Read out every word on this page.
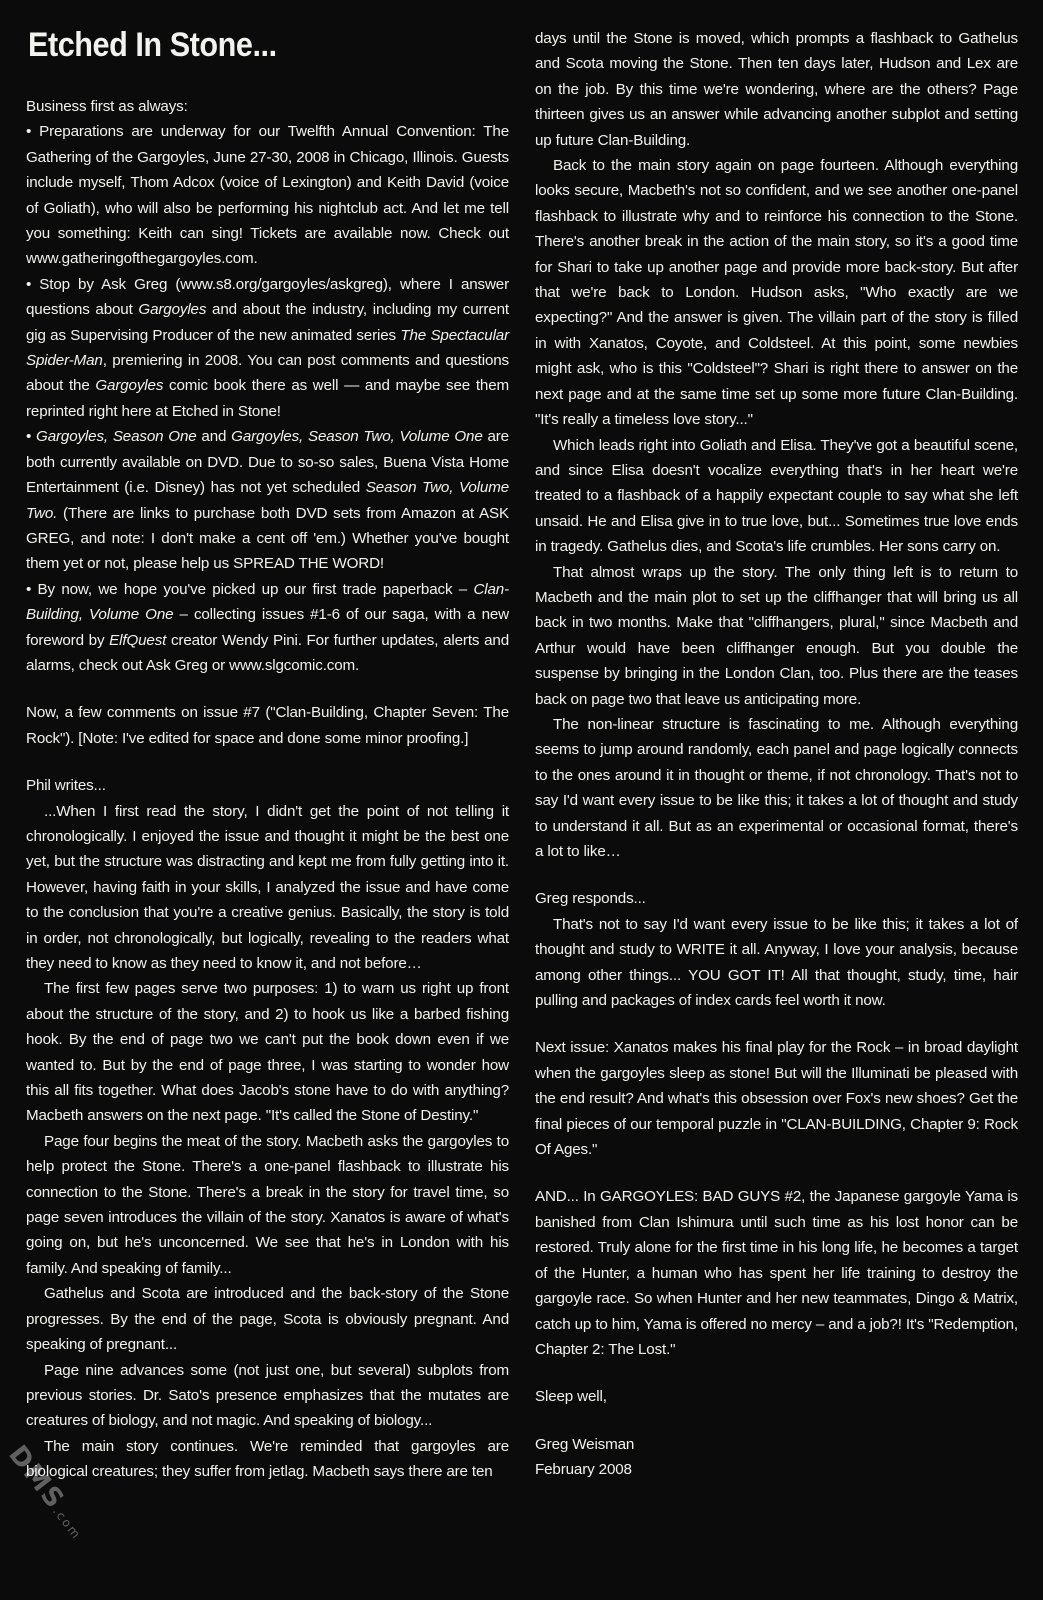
Etched In Stone...

Business first as always:

• Preparations are underway for our Twelfth Annual Convention: The Gathering of the Gargoyles, June 27-30, 2008 in Chicago, Illinois. Guests include myself, Thom Adcox (voice of Lexington) and Keith David (voice of Goliath), who will also be performing his nightclub act. And let me tell you something: Keith can sing! Tickets are available now. Check out www.gatheringofthegargoyles.com.

• Stop by Ask Greg (www.s8.org/gargoyles/askgreg), where I answer questions about Gargoyles and about the industry, including my current gig as Supervising Producer of the new animated series The Spectacular Spider-Man, premiering in 2008. You can post comments and questions about the Gargoyles comic book there as well — and maybe see them reprinted right here at Etched in Stone!

• Gargoyles, Season One and Gargoyles, Season Two, Volume One are both currently available on DVD. Due to so-so sales, Buena Vista Home Entertainment (i.e. Disney) has not yet scheduled Season Two, Volume Two. (There are links to purchase both DVD sets from Amazon at ASK GREG, and note: I don't make a cent off 'em.) Whether you've bought them yet or not, please help us SPREAD THE WORD!

• By now, we hope you've picked up our first trade paperback – Clan-Building, Volume One – collecting issues #1-6 of our saga, with a new foreword by ElfQuest creator Wendy Pini. For further updates, alerts and alarms, check out Ask Greg or www.slgcomic.com.

Now, a few comments on issue #7 ("Clan-Building, Chapter Seven: The Rock"). [Note: I've edited for space and done some minor proofing.]

Phil writes...

...When I first read the story, I didn't get the point of not telling it chronologically. I enjoyed the issue and thought it might be the best one yet, but the structure was distracting and kept me from fully getting into it. However, having faith in your skills, I analyzed the issue and have come to the conclusion that you're a creative genius. Basically, the story is told in order, not chronologically, but logically, revealing to the readers what they need to know as they need to know it, and not before…

The first few pages serve two purposes: 1) to warn us right up front about the structure of the story, and 2) to hook us like a barbed fishing hook. By the end of page two we can't put the book down even if we wanted to. But by the end of page three, I was starting to wonder how this all fits together. What does Jacob's stone have to do with anything? Macbeth answers on the next page. "It's called the Stone of Destiny."

Page four begins the meat of the story. Macbeth asks the gargoyles to help protect the Stone. There's a one-panel flashback to illustrate his connection to the Stone. There's a break in the story for travel time, so page seven introduces the villain of the story. Xanatos is aware of what's going on, but he's unconcerned. We see that he's in London with his family. And speaking of family...

Gathelus and Scota are introduced and the back-story of the Stone progresses. By the end of the page, Scota is obviously pregnant. And speaking of pregnant...

Page nine advances some (not just one, but several) subplots from previous stories. Dr. Sato's presence emphasizes that the mutates are creatures of biology, and not magic. And speaking of biology...

The main story continues. We're reminded that gargoyles are biological creatures; they suffer from jetlag. Macbeth says there are ten

days until the Stone is moved, which prompts a flashback to Gathelus and Scota moving the Stone. Then ten days later, Hudson and Lex are on the job. By this time we're wondering, where are the others? Page thirteen gives us an answer while advancing another subplot and setting up future Clan-Building.

Back to the main story again on page fourteen. Although everything looks secure, Macbeth's not so confident, and we see another one-panel flashback to illustrate why and to reinforce his connection to the Stone. There's another break in the action of the main story, so it's a good time for Shari to take up another page and provide more back-story. But after that we're back to London. Hudson asks, "Who exactly are we expecting?" And the answer is given. The villain part of the story is filled in with Xanatos, Coyote, and Coldsteel. At this point, some newbies might ask, who is this "Coldsteel"? Shari is right there to answer on the next page and at the same time set up some more future Clan-Building. "It's really a timeless love story..."

Which leads right into Goliath and Elisa. They've got a beautiful scene, and since Elisa doesn't vocalize everything that's in her heart we're treated to a flashback of a happily expectant couple to say what she left unsaid. He and Elisa give in to true love, but... Sometimes true love ends in tragedy. Gathelus dies, and Scota's life crumbles. Her sons carry on.

That almost wraps up the story. The only thing left is to return to Macbeth and the main plot to set up the cliffhanger that will bring us all back in two months. Make that "cliffhangers, plural," since Macbeth and Arthur would have been cliffhanger enough. But you double the suspense by bringing in the London Clan, too. Plus there are the teases back on page two that leave us anticipating more.

The non-linear structure is fascinating to me. Although everything seems to jump around randomly, each panel and page logically connects to the ones around it in thought or theme, if not chronology. That's not to say I'd want every issue to be like this; it takes a lot of thought and study to understand it all. But as an experimental or occasional format, there's a lot to like…

Greg responds...

That's not to say I'd want every issue to be like this; it takes a lot of thought and study to WRITE it all. Anyway, I love your analysis, because among other things... YOU GOT IT! All that thought, study, time, hair pulling and packages of index cards feel worth it now.

Next issue: Xanatos makes his final play for the Rock – in broad daylight when the gargoyles sleep as stone! But will the Illuminati be pleased with the end result? And what's this obsession over Fox's new shoes? Get the final pieces of our temporal puzzle in "CLAN-BUILDING, Chapter 9: Rock Of Ages."

AND... In GARGOYLES: BAD GUYS #2, the Japanese gargoyle Yama is banished from Clan Ishimura until such time as his lost honor can be restored. Truly alone for the first time in his long life, he becomes a target of the Hunter, a human who has spent her life training to destroy the gargoyle race. So when Hunter and her new teammates, Dingo & Matrix, catch up to him, Yama is offered no mercy – and a job?! It's "Redemption, Chapter 2: The Lost."

Sleep well,

Greg Weisman

February 2008

DMS.com
